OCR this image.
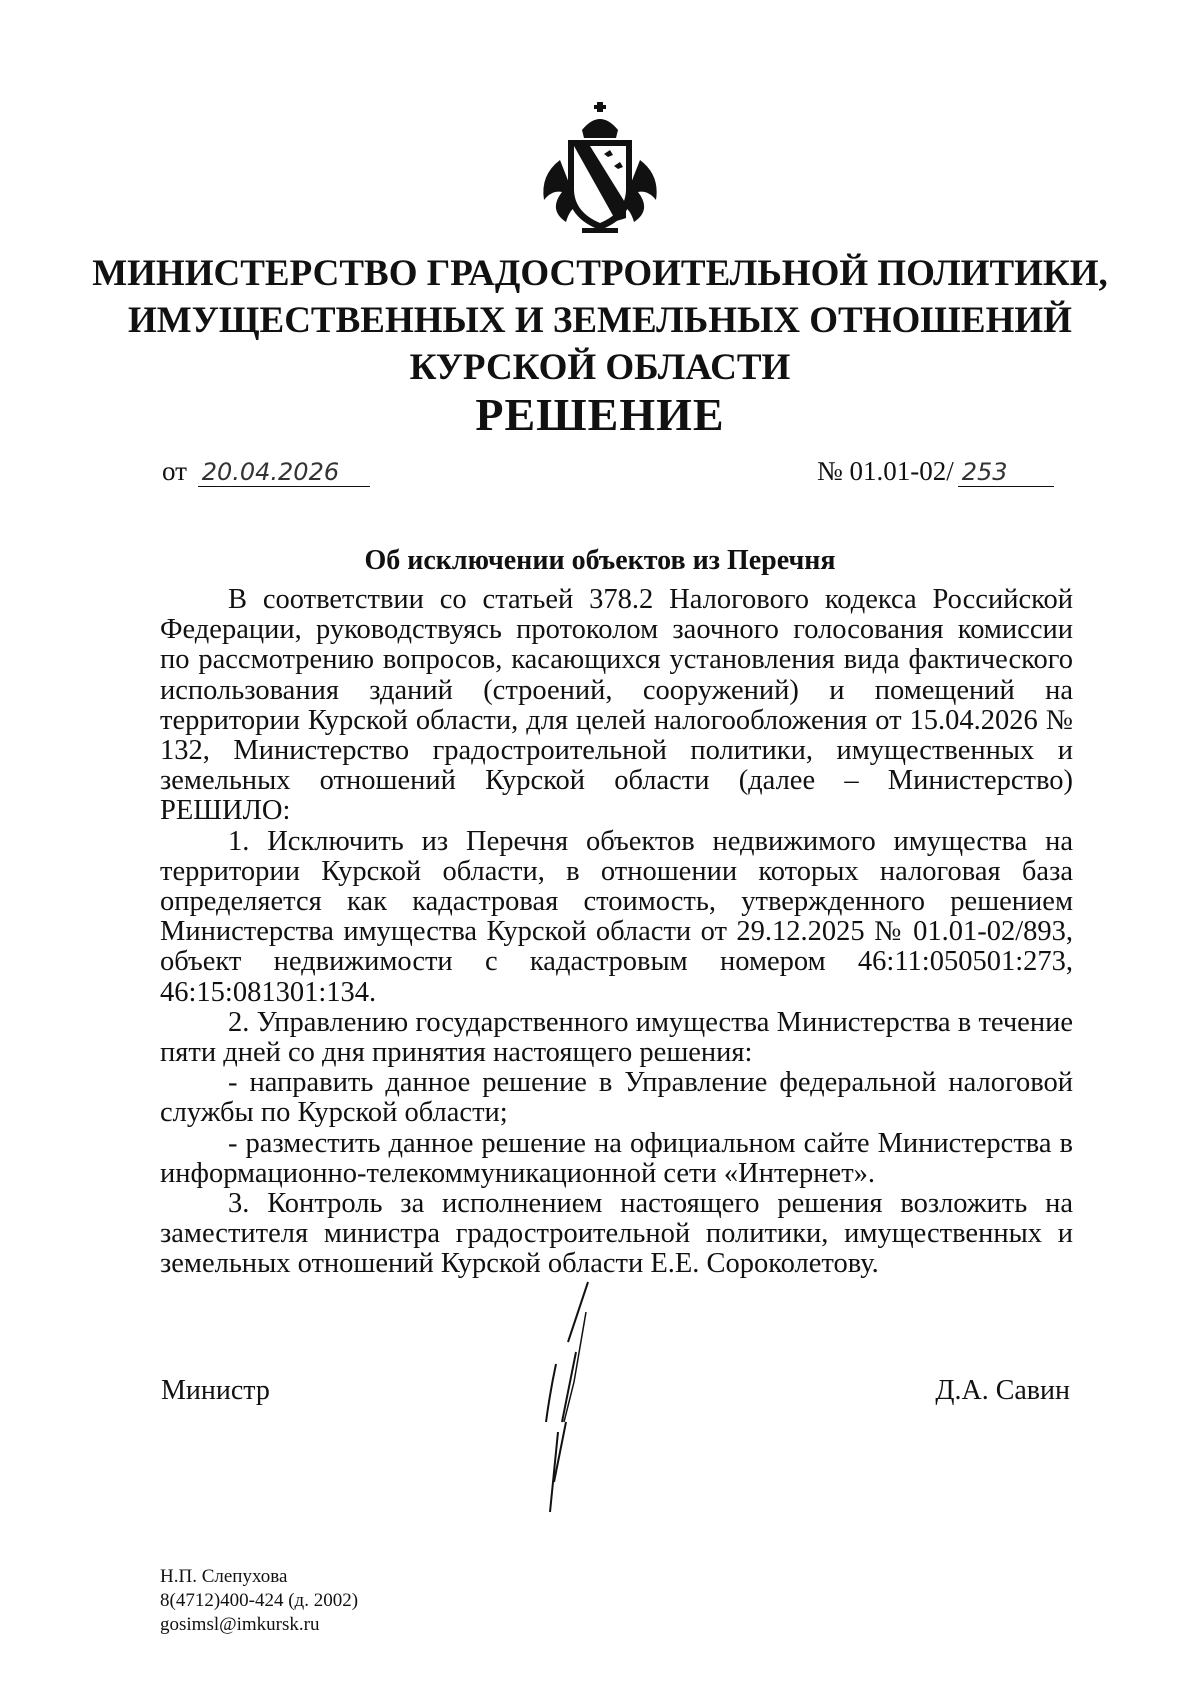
МИНИСТЕРСТВО ГРАДОСТРОИТЕЛЬНОЙ ПОЛИТИКИ,
ИМУЩЕСТВЕННЫХ И ЗЕМЕЛЬНЫХ ОТНОШЕНИЙ
КУРСКОЙ ОБЛАСТИ
РЕШЕНИЕ
от 20.04.2026	№ 01.01-02/ 253
Об исключении объектов из Перечня

В соответствии со статьей 378.2 Налогового кодекса Российской Федерации, руководствуясь протоколом заочного голосования комиссии по рассмотрению вопросов, касающихся установления вида фактического использования зданий (строений, сооружений) и помещений на территории Курской области, для целей налогообложения от 15.04.2026 № 132, Министерство градостроительной политики, имущественных и земельных отношений Курской области (далее – Министерство) РЕШИЛО:

1. Исключить из Перечня объектов недвижимого имущества на территории Курской области, в отношении которых налоговая база определяется как кадастровая стоимость, утвержденного решением Министерства имущества Курской области от 29.12.2025 № 01.01-02/893, объект недвижимости с кадастровым номером 46:11:050501:273, 46:15:081301:134.

2. Управлению государственного имущества Министерства в течение пяти дней со дня принятия настоящего решения:

- направить данное решение в Управление федеральной налоговой службы по Курской области;

- разместить данное решение на официальном сайте Министерства в информационно-телекоммуникационной сети «Интернет».

3. Контроль за исполнением настоящего решения возложить на заместителя министра градостроительной политики, имущественных и земельных отношений Курской области Е.Е. Сороколетову.

Министр	Д.А. Савин
Н.П. Слепухова
8(4712)400-424 (д. 2002)
gosimsl@imkursk.ru
